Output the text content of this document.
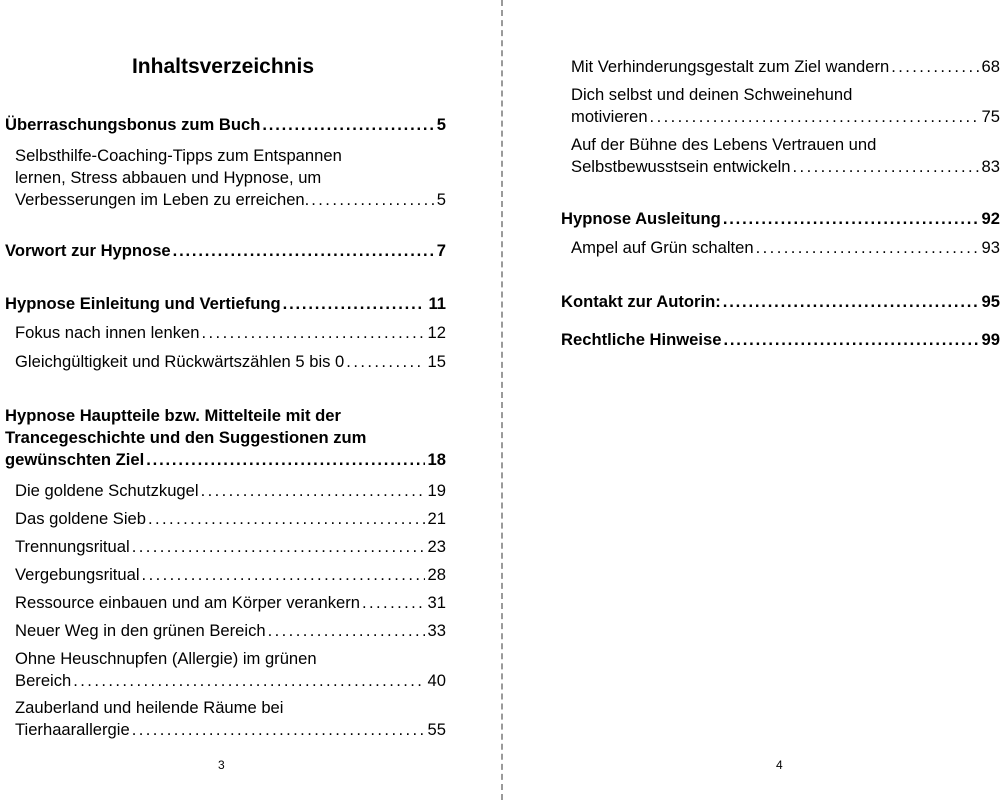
Inhaltsverzeichnis
3
Überraschungsbonus zum Buch . . .	5
Selbsthilfe-Coaching-Tipps zum Entspannen
lernen, Stress abbauen und Hypnose, um
Verbesserungen im Leben zu erreichen. . . .	5
Vorwort zur Hypnose . . .	7
Hypnose Einleitung und Vertiefung . . .	11
Fokus nach innen lenken . . .	12
Gleichgültigkeit und Rückwärtszählen 5 bis 0 . . .	15
Hypnose Hauptteile bzw. Mittelteile mit der
Trancegeschichte und den Suggestionen zum
gewünschten Ziel . . .	18
Die goldene Schutzkugel . . .	19
Das goldene Sieb . . .	21
Trennungsritual . . .	23
Vergebungsritual . . .	28
Ressource einbauen und am Körper verankern . . .	31
Neuer Weg in den grünen Bereich . . .	33
Ohne Heuschnupfen (Allergie) im grünen
Bereich . . .	40
Zauberland und heilende Räume bei
Tierhaarallergie . . .	55
4
Mit Verhinderungsgestalt zum Ziel wandern . . .	68
Dich selbst und deinen Schweinehund
motivieren . . .	75
Auf der Bühne des Lebens Vertrauen und
Selbstbewusstsein entwickeln . . .	83
Hypnose Ausleitung . . .	92
Ampel auf Grün schalten . . .	93
Kontakt zur Autorin: . . .	95
Rechtliche Hinweise . . .	99
